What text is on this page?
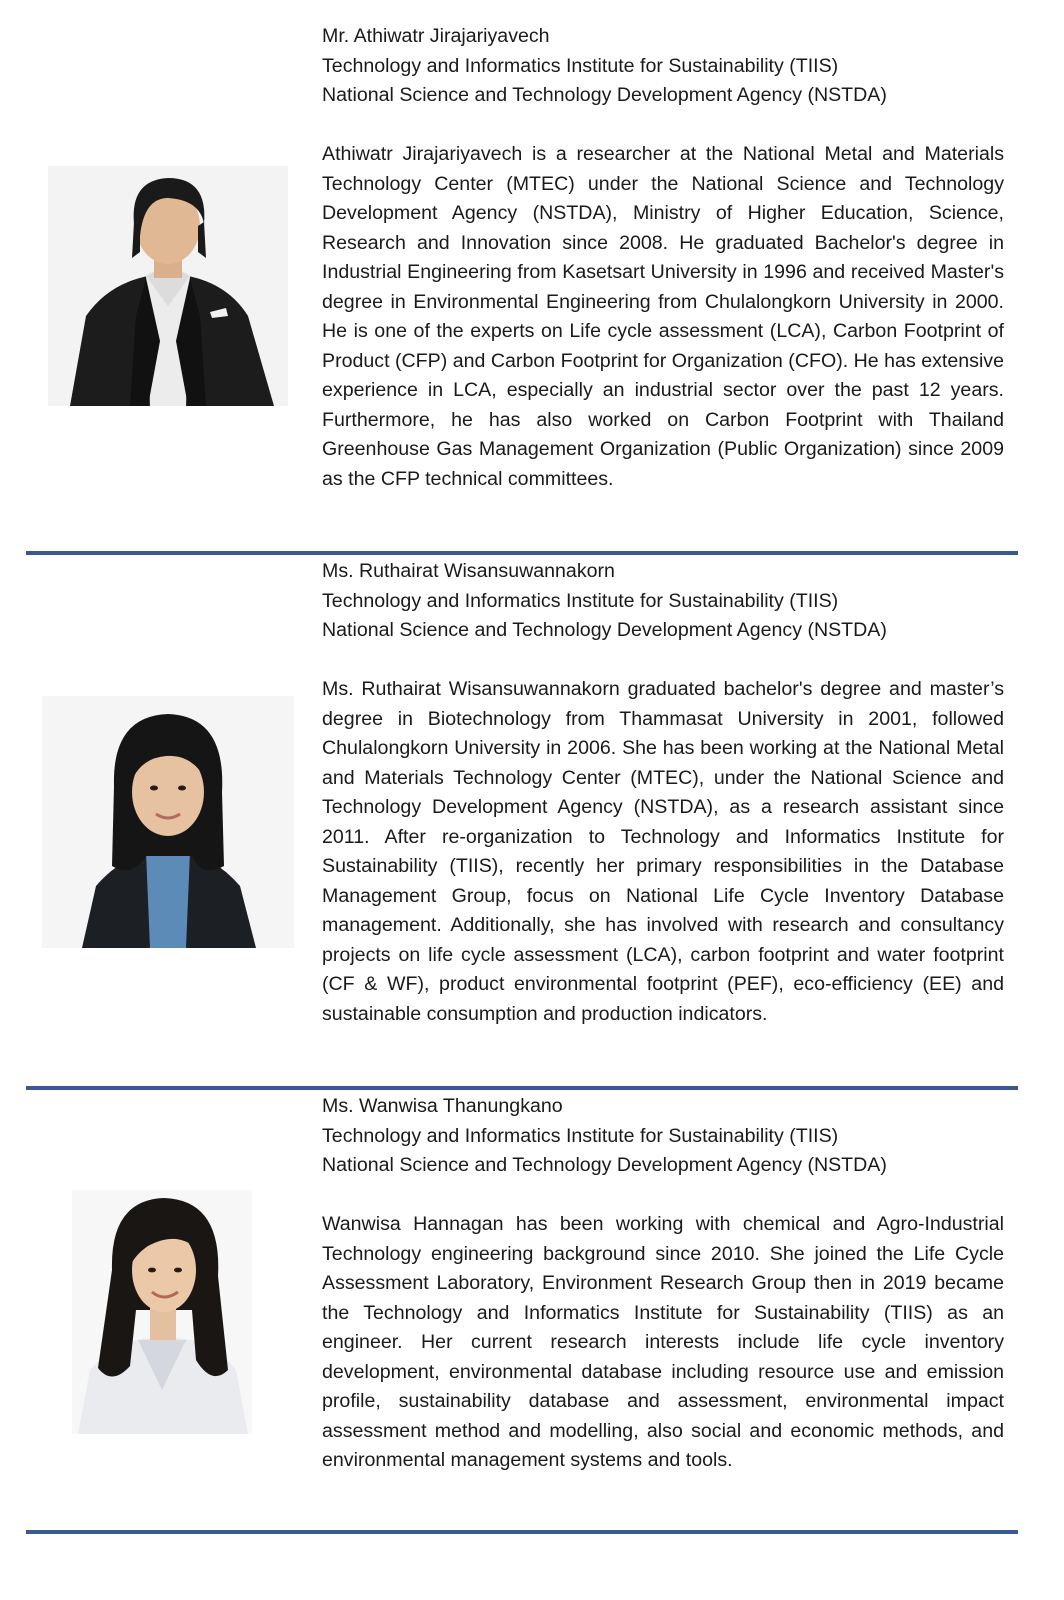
Mr. Athiwatr Jirajariyavech
Technology and Informatics Institute for Sustainability (TIIS)
National Science and Technology Development Agency (NSTDA)
Athiwatr Jirajariyavech is a researcher at the National Metal and Materials Technology Center (MTEC) under the National Science and Technology Development Agency (NSTDA), Ministry of Higher Education, Science, Research and Innovation since 2008. He graduated Bachelor's degree in Industrial Engineering from Kasetsart University in 1996 and received Master's degree in Environmental Engineering from Chulalongkorn University in 2000. He is one of the experts on Life cycle assessment (LCA), Carbon Footprint of Product (CFP) and Carbon Footprint for Organization (CFO). He has extensive experience in LCA, especially an industrial sector over the past 12 years. Furthermore, he has also worked on Carbon Footprint with Thailand Greenhouse Gas Management Organization (Public Organization) since 2009 as the CFP technical committees.
Ms. Ruthairat Wisansuwannakorn
Technology and Informatics Institute for Sustainability (TIIS)
National Science and Technology Development Agency (NSTDA)
Ms. Ruthairat Wisansuwannakorn graduated bachelor's degree and master’s degree in Biotechnology from Thammasat University in 2001, followed Chulalongkorn University in 2006. She has been working at the National Metal and Materials Technology Center (MTEC), under the National Science and Technology Development Agency (NSTDA), as a research assistant since 2011. After re-organization to Technology and Informatics Institute for Sustainability (TIIS), recently her primary responsibilities in the Database Management Group, focus on National Life Cycle Inventory Database management. Additionally, she has involved with research and consultancy projects on life cycle assessment (LCA), carbon footprint and water footprint (CF & WF), product environmental footprint (PEF), eco-efficiency (EE) and sustainable consumption and production indicators.
Ms. Wanwisa Thanungkano
Technology and Informatics Institute for Sustainability (TIIS)
National Science and Technology Development Agency (NSTDA)
Wanwisa Hannagan has been working with chemical and Agro-Industrial Technology engineering background since 2010. She joined the Life Cycle Assessment Laboratory, Environment Research Group then in 2019 became the Technology and Informatics Institute for Sustainability (TIIS) as an engineer. Her current research interests include life cycle inventory development, environmental database including resource use and emission profile, sustainability database and assessment, environmental impact assessment method and modelling, also social and economic methods, and environmental management systems and tools.
